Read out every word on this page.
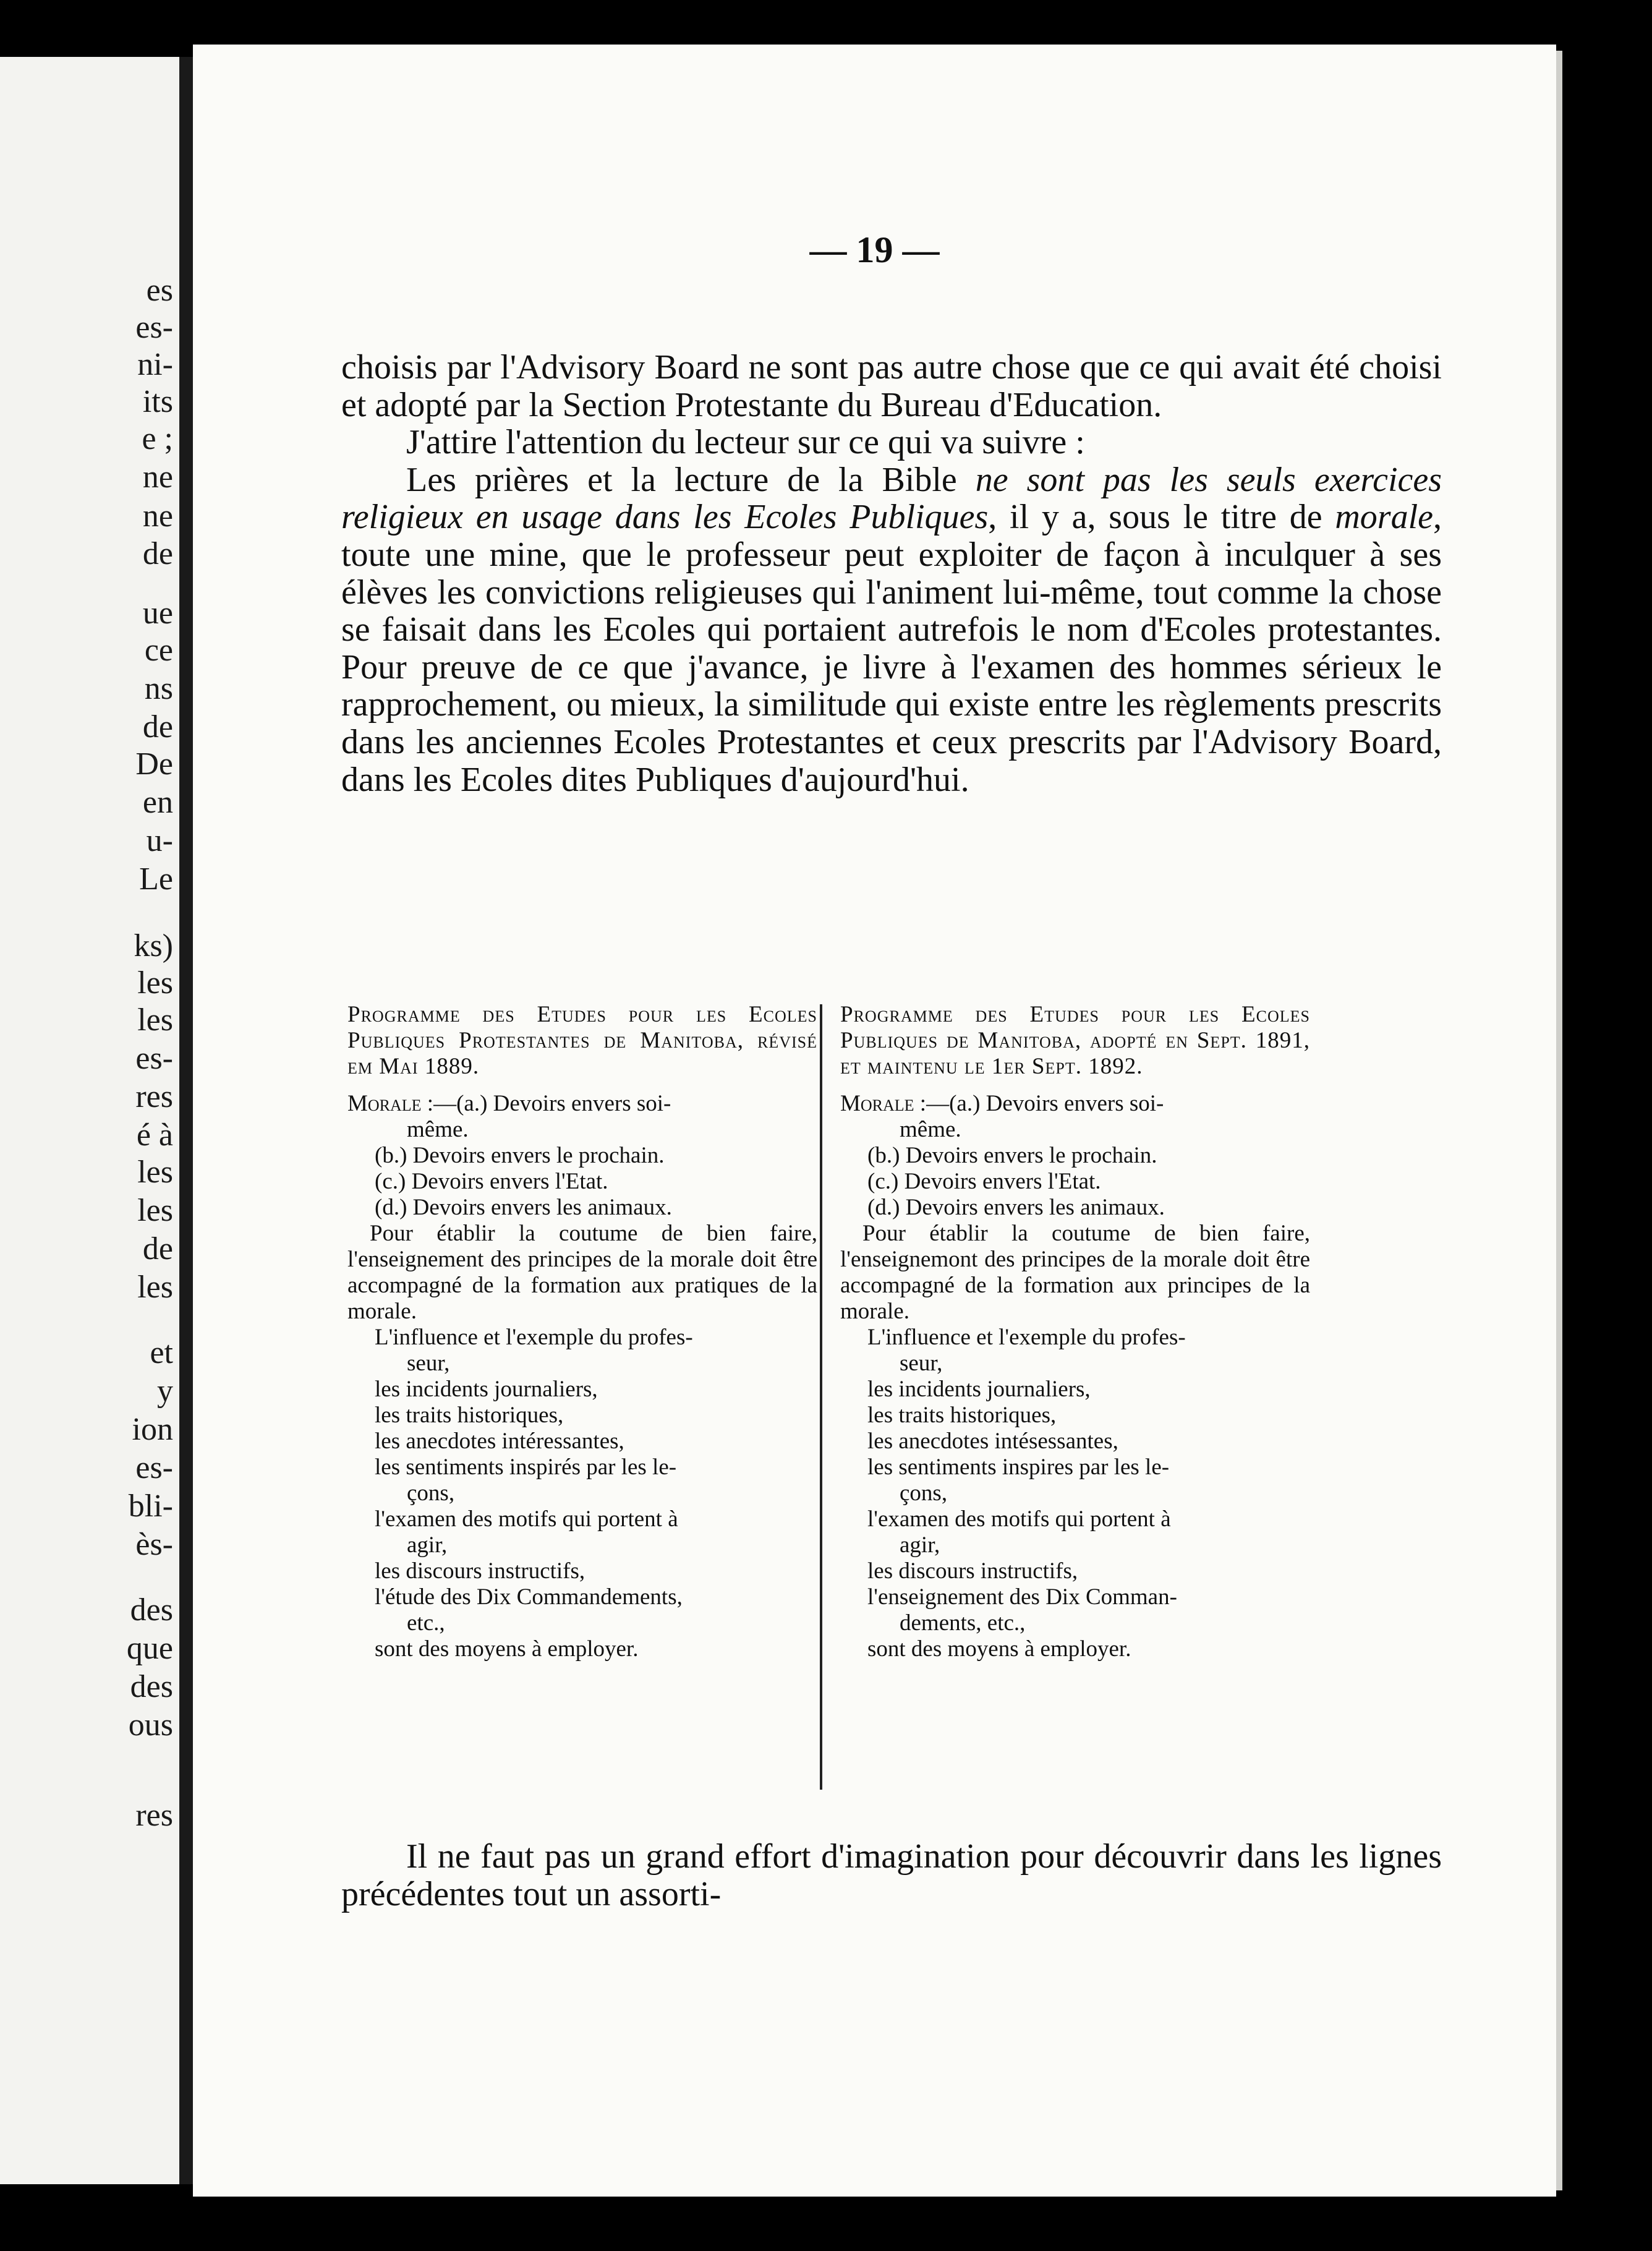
es
es-
ni-
its
e ;
ne
ne
de
ue
ce
ns
de
De
en
u-
Le
ks)
les
les
es-
res
é à
les
les
de
les
et
y
ion
es-
bli-
ès-
des
que
des
ous
res
— 19 —

choisis par l'Advisory Board ne sont pas autre chose que ce qui avait été choisi et adopté par la Section Protestante du Bureau d'Education.

J'attire l'attention du lecteur sur ce qui va suivre :

Les prières et la lecture de la Bible ne sont pas les seuls exercices religieux en usage dans les Ecoles Publiques, il y a, sous le titre de morale, toute une mine, que le professeur peut exploiter de façon à inculquer à ses élèves les convictions religieuses qui l'animent lui-même, tout comme la chose se faisait dans les Ecoles qui portaient autrefois le nom d'Ecoles protestantes. Pour preuve de ce que j'avance, je livre à l'examen des hommes sérieux le rapprochement, ou mieux, la similitude qui existe entre les règlements prescrits dans les anciennes Ecoles Protestantes et ceux prescrits par l'Advisory Board, dans les Ecoles dites Publiques d'aujourd'hui.

Programme des Etudes pour les Ecoles Publiques Protestantes de Manitoba, révisé em Mai 1889.
Morale :—(a.) Devoirs envers soi-
même.
(b.) Devoirs envers le prochain.
(c.) Devoirs envers l'Etat.
(d.) Devoirs envers les animaux.
Pour établir la coutume de bien faire, l'enseignement des principes de la morale doit être accompagné de la formation aux pratiques de la morale.
L'influence et l'exemple du profes-
seur,
les incidents journaliers,
les traits historiques,
les anecdotes intéressantes,
les sentiments inspirés par les le-
çons,
l'examen des motifs qui portent à
agir,
les discours instructifs,
l'étude des Dix Commandements,
etc.,
sont des moyens à employer.
Programme des Etudes pour les Ecoles Publiques de Manitoba, adopté en Sept. 1891, et maintenu le 1er Sept. 1892.
Morale :—(a.) Devoirs envers soi-
même.
(b.) Devoirs envers le prochain.
(c.) Devoirs envers l'Etat.
(d.) Devoirs envers les animaux.
Pour établir la coutume de bien faire, l'enseignemont des principes de la morale doit être accompagné de la formation aux principes de la morale.
L'influence et l'exemple du profes-
seur,
les incidents journaliers,
les traits historiques,
les anecdotes intésessantes,
les sentiments inspires par les le-
çons,
l'examen des motifs qui portent à
agir,
les discours instructifs,
l'enseignement des Dix Comman-
dements, etc.,
sont des moyens à employer.

Il ne faut pas un grand effort d'imagination pour découvrir dans les lignes précédentes tout un assorti-
